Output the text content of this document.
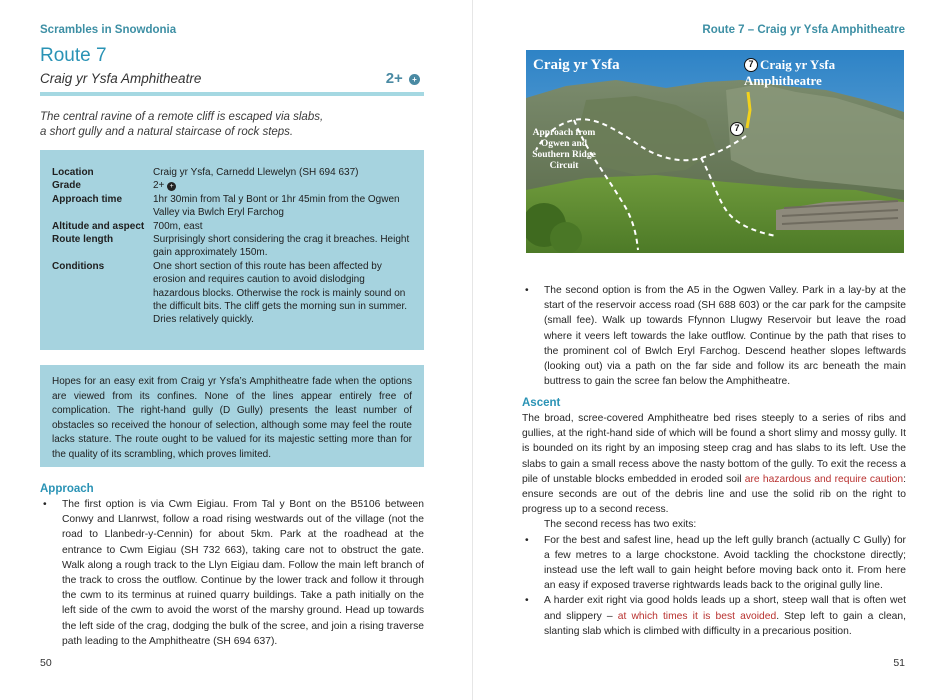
Scrambles in Snowdonia
Route 7
Craig yr Ysfa Amphitheatre	2+ +
The central ravine of a remote cliff is escaped via slabs, a short gully and a natural staircase of rock steps.
Location	Craig yr Ysfa, Carnedd Llewelyn (SH 694 637)
Grade	2+ +
Approach time	1hr 30min from Tal y Bont or 1hr 45min from the Ogwen Valley via Bwlch Eryl Farchog
Altitude and aspect 700m, east
Route length	Surprisingly short considering the crag it breaches. Height gain approximately 150m.
Conditions	One short section of this route has been affected by erosion and requires caution to avoid dislodging hazardous blocks. Otherwise the rock is mainly sound on the difficult bits. The cliff gets the morning sun in summer. Dries relatively quickly.
Hopes for an easy exit from Craig yr Ysfa’s Amphitheatre fade when the options are viewed from its confines. None of the lines appear entirely free of complication. The right-hand gully (D Gully) presents the least number of obstacles so received the honour of selection, although some may feel the route lacks stature. The route ought to be valued for its majestic setting more than for the quality of its scrambling, which proves limited.
Approach
• The first option is via Cwm Eigiau. From Tal y Bont on the B5106 between Conwy and Llanrwst, follow a road rising westwards out of the village (not the road to Llanbedr-y-Cennin) for about 5km. Park at the roadhead at the entrance to Cwm Eigiau (SH 732 663), taking care not to obstruct the gate. Walk along a rough track to the Llyn Eigiau dam. Follow the main left branch of the track to cross the outflow. Continue by the lower track and follow it through the cwm to its terminus at ruined quarry buildings. Take a path initially on the left side of the cwm to avoid the worst of the marshy ground. Head up towards the left side of the crag, dodging the bulk of the scree, and join a rising traverse path leading to the Amphitheatre (SH 694 637).
50
Route 7 – Craig yr Ysfa Amphitheatre
Craig yr Ysfa	7 Craig yr Ysfa Amphitheatre
7
Approach from Ogwen and Southern Ridge Circuit
• The second option is from the A5 in the Ogwen Valley. Park in a lay-by at the start of the reservoir access road (SH 688 603) or the car park for the campsite (small fee). Walk up towards Ffynnon Llugwy Reservoir but leave the road where it veers left towards the lake outflow. Continue by the path that rises to the prominent col of Bwlch Eryl Farchog. Descend heather slopes leftwards (looking out) via a path on the far side and follow its arc beneath the main buttress to gain the scree fan below the Amphitheatre.
Ascent
The broad, scree-covered Amphitheatre bed rises steeply to a series of ribs and gullies, at the right-hand side of which will be found a short slimy and mossy gully. It is bounded on its right by an imposing steep crag and has slabs to its left. Use the slabs to gain a small recess above the nasty bottom of the gully. To exit the recess a pile of unstable blocks embedded in eroded soil are hazardous and require caution: ensure seconds are out of the debris line and use the solid rib on the right to progress up to a second recess.
The second recess has two exits:
• For the best and safest line, head up the left gully branch (actually C Gully) for a few metres to a large chockstone. Avoid tackling the chockstone directly; instead use the left wall to gain height before moving back onto it. From here an easy if exposed traverse rightwards leads back to the original gully line.
• A harder exit right via good holds leads up a short, steep wall that is often wet and slippery – at which times it is best avoided. Step left to gain a clean, slanting slab which is climbed with difficulty in a precarious position.
51
